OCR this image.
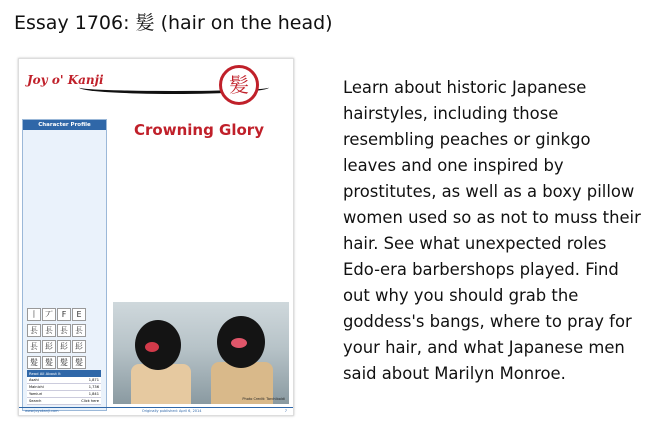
Essay 1706: 髪 (hair on the head)
Joy o' Kanji	髪
Character Profile

丨 丆	F	E
镸 镸 镸 镸
镸 髟 髟 髟
髮 髮 髪 髪
Read All About It
Asahi	1,871
Mainichi	1,736
Yomiuri	1,841
Search	Click here
Crowning Glory

Photo Credit: Tarchiboldi
www.joyokanji.com	Originally published: April 6, 2014	7
Learn about historic Japanese hairstyles, including those resembling peaches or ginkgo leaves and one inspired by prostitutes, as well as a boxy pillow women used so as not to muss their hair. See what unexpected roles Edo-era barbershops played. Find out why you should grab the goddess's bangs, where to pray for your hair, and what Japanese men said about Marilyn Monroe.
